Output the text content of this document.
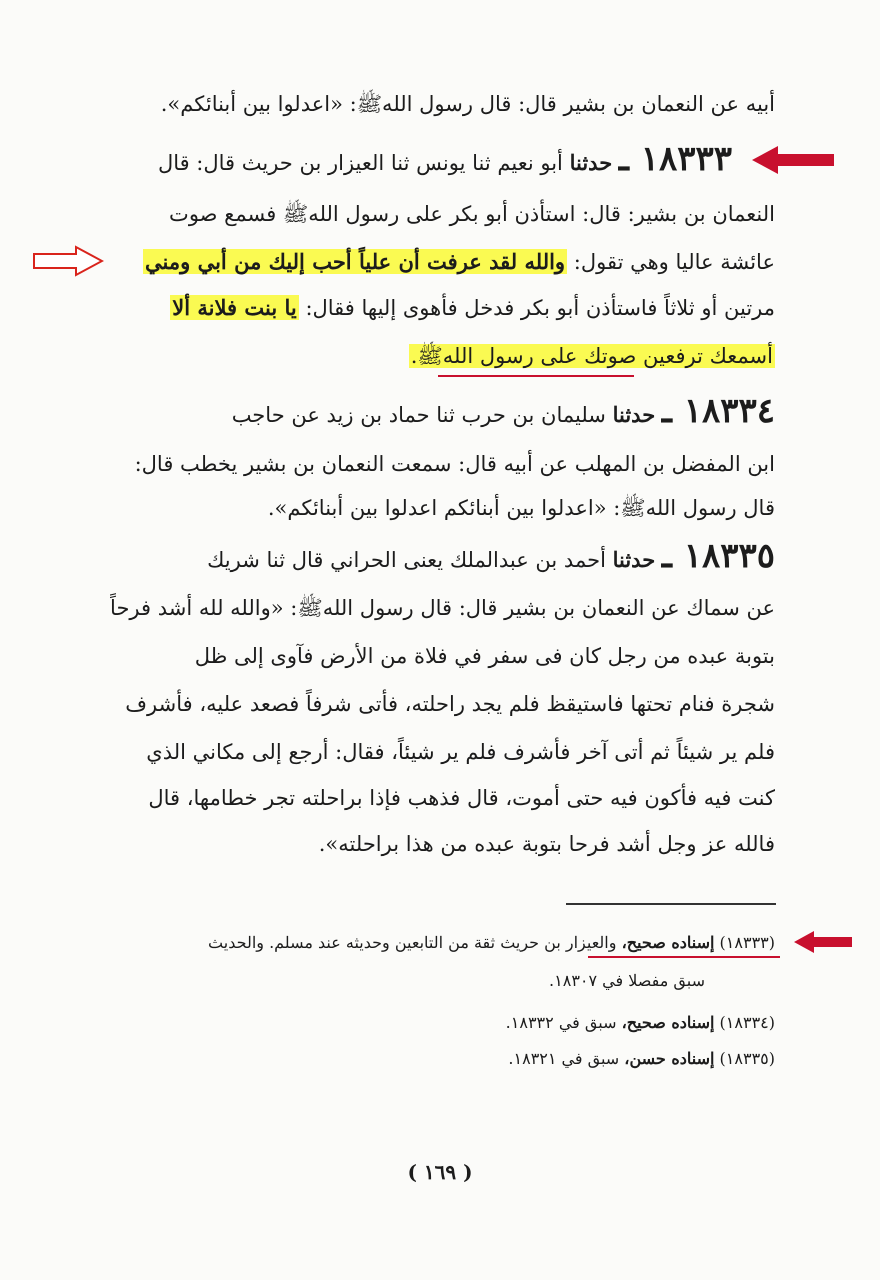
أبيه عن النعمان بن بشير قال: قال رسول اللهﷺ: «اعدلوا بين أبنائكم».
١٨٣٣٣ ـ حدثنا أبو نعيم ثنا يونس ثنا العيزار بن حريث قال: قال
النعمان بن بشير: قال: استأذن أبو بكر على رسول اللهﷺ فسمع صوت
عائشة عاليا وهي تقول: والله لقد عرفت أن علياً أحب إليك من أبي ومني
مرتين أو ثلاثاً فاستأذن أبو بكر فدخل فأهوى إليها فقال: يا بنت فلانة ألا
أسمعك ترفعين صوتك على رسول اللهﷺ.
١٨٣٣٤ ـ حدثنا سليمان بن حرب ثنا حماد بن زيد عن حاجب
ابن المفضل بن المهلب عن أبيه قال: سمعت النعمان بن بشير يخطب قال:
قال رسول اللهﷺ: «اعدلوا بين أبنائكم اعدلوا بين أبنائكم».
١٨٣٣٥ ـ حدثنا أحمد بن عبدالملك يعنى الحراني قال ثنا شريك
عن سماك عن النعمان بن بشير قال: قال رسول اللهﷺ: «والله لله أشد فرحاً
بتوبة عبده من رجل كان فى سفر في فلاة من الأرض فآوى إلى ظل
شجرة فنام تحتها فاستيقظ فلم يجد راحلته، فأتى شرفاً فصعد عليه، فأشرف
فلم ير شيئاً ثم أتى آخر فأشرف فلم ير شيئاً، فقال: أرجع إلى مكاني الذي
كنت فيه فأكون فيه حتى أموت، قال فذهب فإذا براحلته تجر خطامها، قال
فالله عز وجل أشد فرحا بتوبة عبده من هذا براحلته».
(١٨٣٣٣) إسناده صحيح، والعيزار بن حريث ثقة من التابعين وحديثه عند مسلم. والحديث
سبق مفصلا في ١٨٣٠٧.
(١٨٣٣٤) إسناده صحيح، سبق في ١٨٣٣٢.
(١٨٣٣٥) إسناده حسن، سبق في ١٨٣٢١.
( ١٦٩ )
